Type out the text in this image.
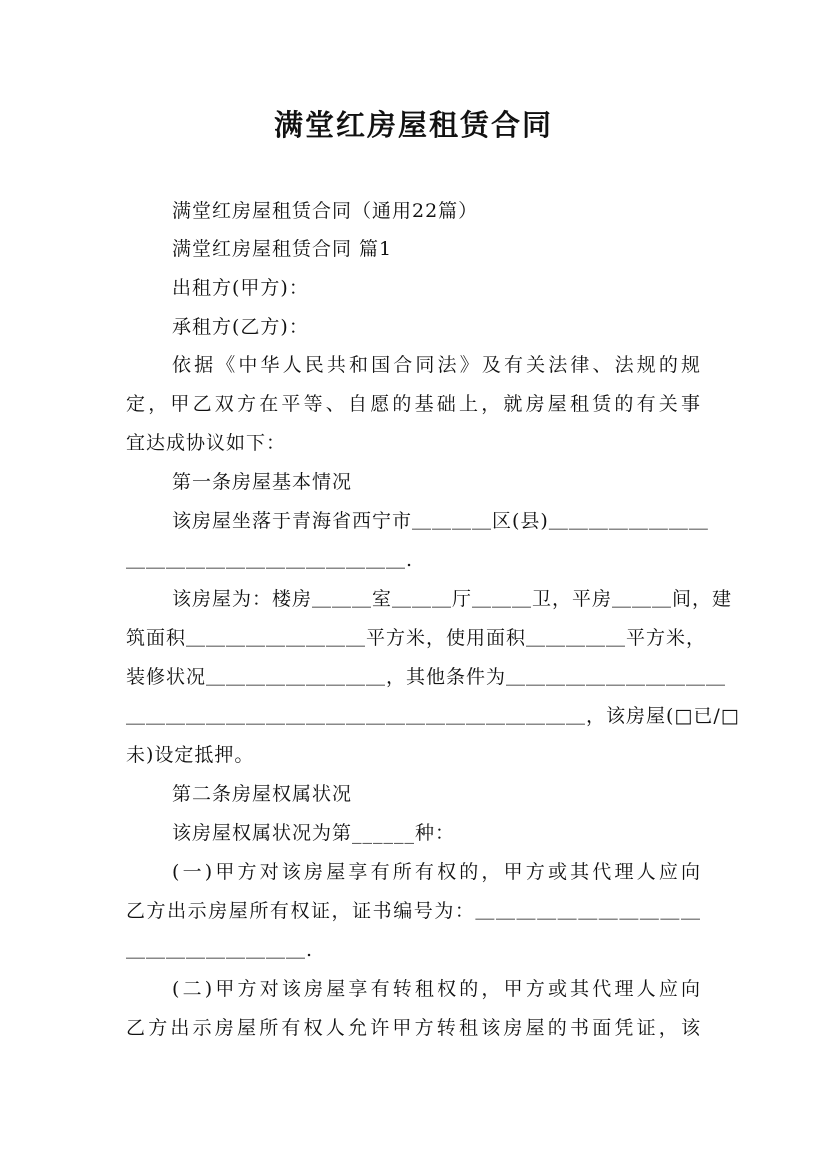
满堂红房屋租赁合同
满堂红房屋租赁合同（通用22篇）
满堂红房屋租赁合同 篇1
出租方(甲方)：
承租方(乙方)：
依据《中华人民共和国合同法》及有关法律、法规的规
定，甲乙双方在平等、自愿的基础上，就房屋租赁的有关事
宜达成协议如下：
第一条房屋基本情况
该房屋坐落于青海省西宁市＿＿＿＿区(县)＿＿＿＿＿＿＿＿
＿＿＿＿＿＿＿＿＿＿＿＿＿＿.
该房屋为：楼房＿＿＿室＿＿＿厅＿＿＿卫，平房＿＿＿间，建
筑面积＿＿＿＿＿＿＿＿＿平方米，使用面积＿＿＿＿＿平方米，
装修状况＿＿＿＿＿＿＿＿＿，其他条件为＿＿＿＿＿＿＿＿＿＿＿
＿＿＿＿＿＿＿＿＿＿＿＿＿＿＿＿＿＿＿＿＿＿＿，该房屋(□已/□
未)设定抵押。
第二条房屋权属状况
该房屋权属状况为第______种：
(一)甲方对该房屋享有所有权的，甲方或其代理人应向
乙方出示房屋所有权证，证书编号为：＿＿＿＿＿＿＿＿＿＿＿
＿＿＿＿＿＿＿＿＿.
(二)甲方对该房屋享有转租权的，甲方或其代理人应向
乙方出示房屋所有权人允许甲方转租该房屋的书面凭证，该
